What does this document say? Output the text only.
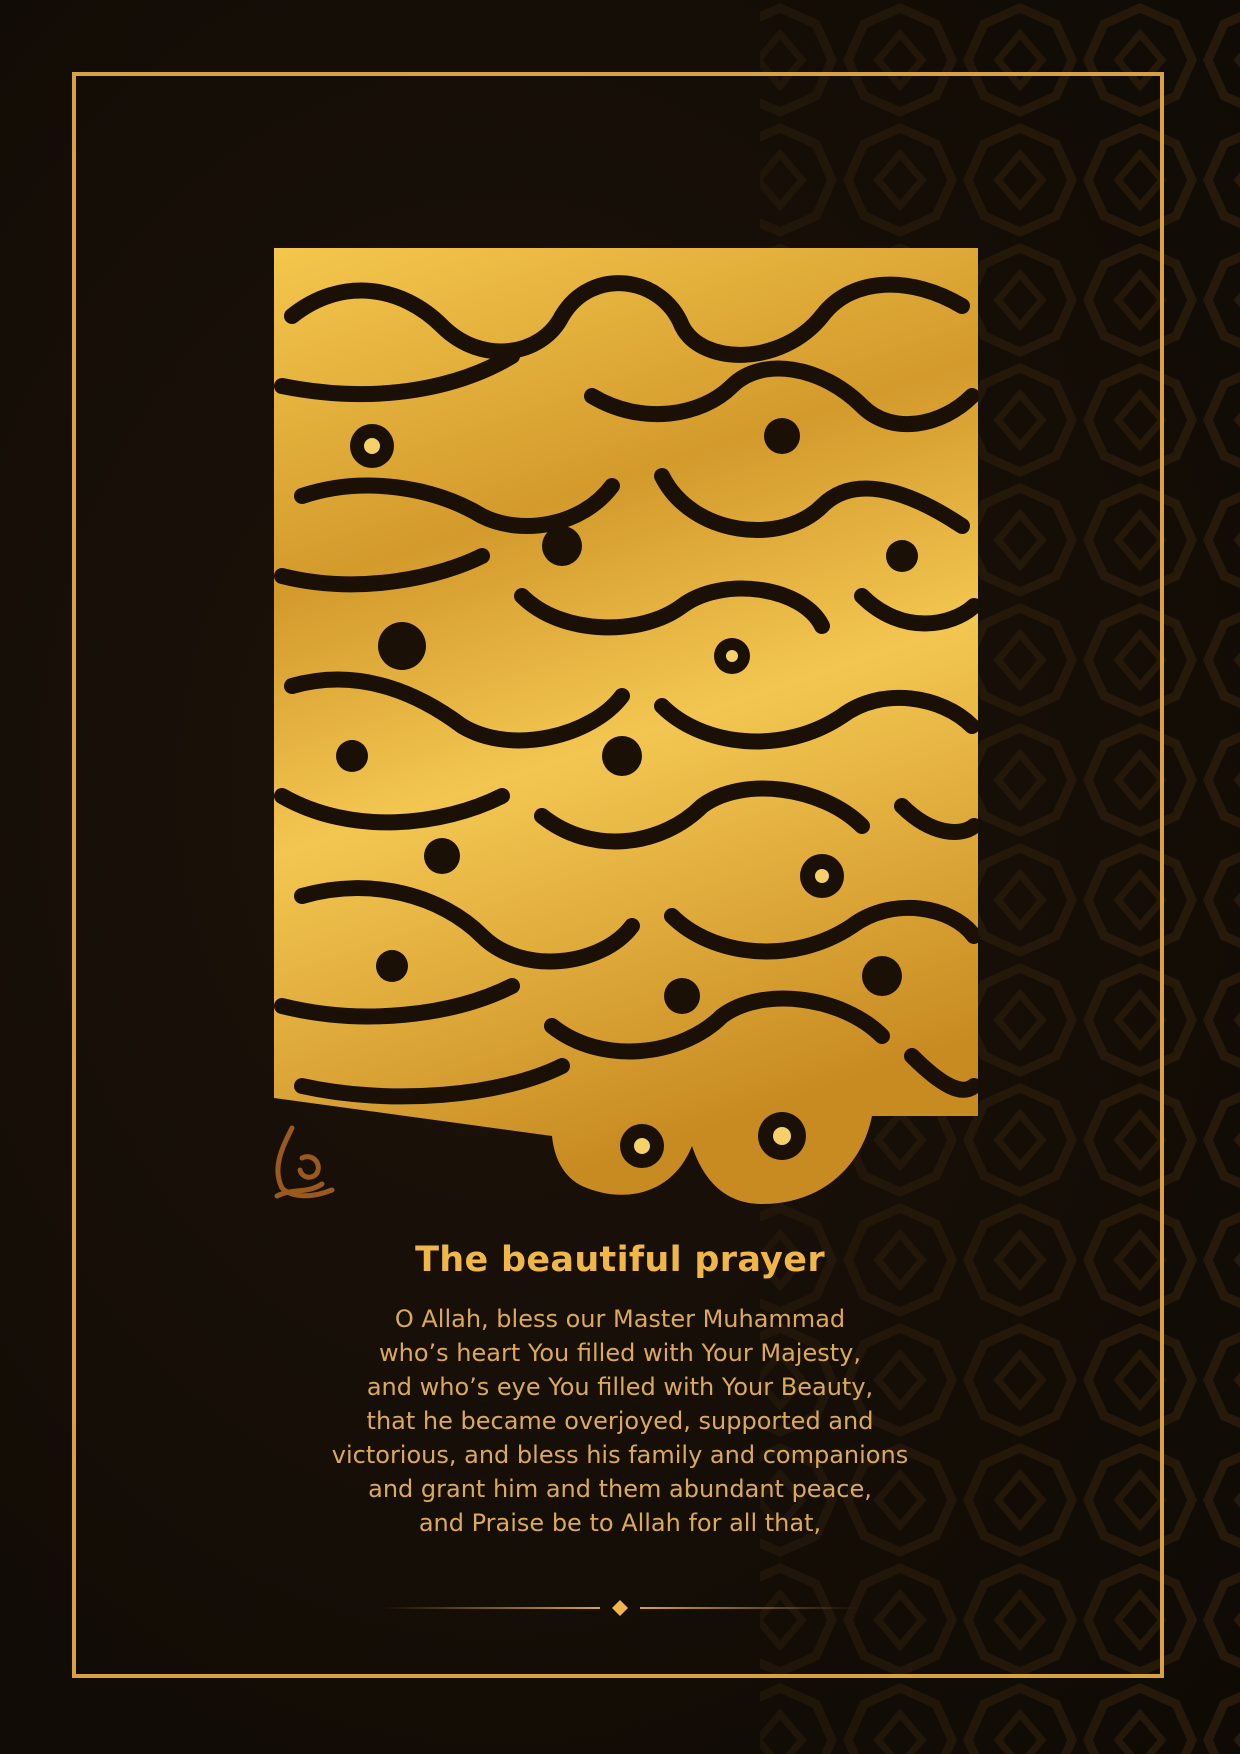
The beautiful prayer
O Allah, bless our Master Muhammad
who’s heart You filled with Your Majesty,
and who’s eye You filled with Your Beauty,
that he became overjoyed, supported and
victorious, and bless his family and companions
and grant him and them abundant peace,
and Praise be to Allah for all that,
